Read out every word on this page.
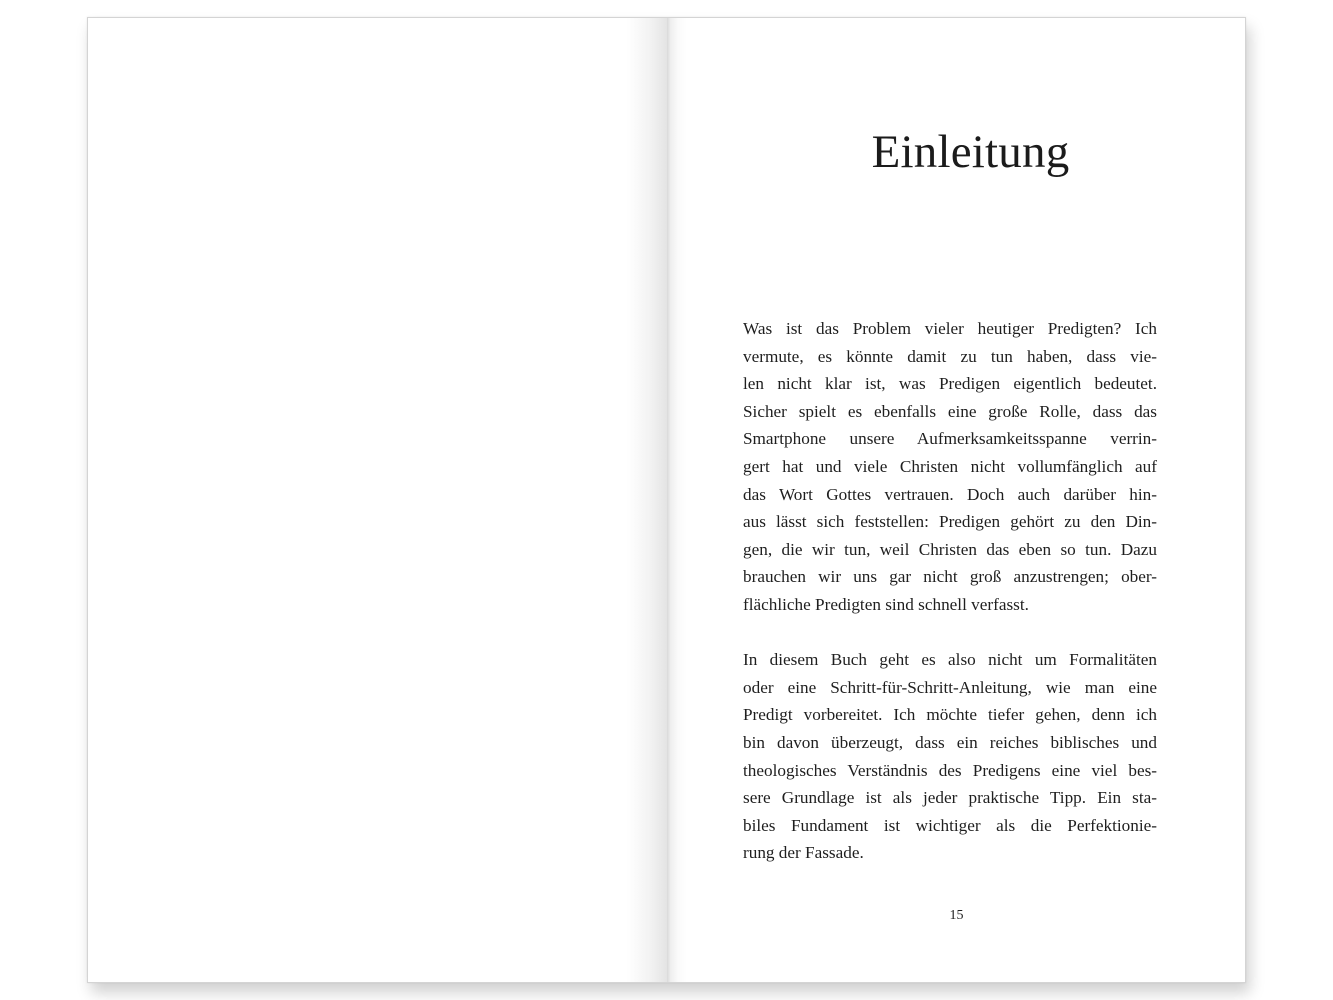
Einleitung
Was ist das Problem vieler heutiger Predigten? Ich
vermute, es könnte damit zu tun haben, dass vie-
len nicht klar ist, was Predigen eigentlich bedeutet.
Sicher spielt es ebenfalls eine große Rolle, dass das
Smartphone unsere Aufmerksamkeitsspanne verrin-
gert hat und viele Christen nicht vollumfänglich auf
das Wort Gottes vertrauen. Doch auch darüber hin-
aus lässt sich feststellen: Predigen gehört zu den Din-
gen, die wir tun, weil Christen das eben so tun. Dazu
brauchen wir uns gar nicht groß anzustrengen; ober-
flächliche Predigten sind schnell verfasst.
In diesem Buch geht es also nicht um Formalitäten
oder eine Schritt-für-Schritt-Anleitung, wie man eine
Predigt vorbereitet. Ich möchte tiefer gehen, denn ich
bin davon überzeugt, dass ein reiches biblisches und
theologisches Verständnis des Predigens eine viel bes-
sere Grundlage ist als jeder praktische Tipp. Ein sta-
biles Fundament ist wichtiger als die Perfektionie-
rung der Fassade.
15
